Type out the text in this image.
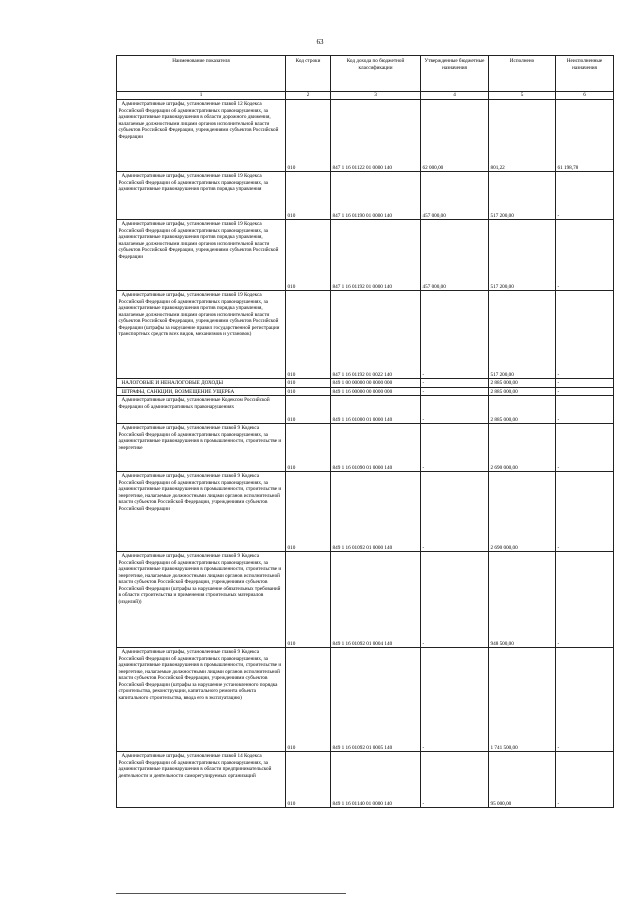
63
Наименование показателя	Код строки	Код дохода по бюджетной классификации	Утвержденные бюджетные назначения	Исполнено	Неисполненные назначения
1	2	3	4	5	6

Административные штрафы, установленные главой 12 Кодекса Российской Федерации об административных правонарушениях, за административные правонарушения в области дорожного движения, налагаемые должностными лицами органов исполнительной власти субъектов Российской Федерации, учреждениями субъектов Российской Федерации	010	847 1 16 01122 01 0000 140	62 000,00	801,22	61 198,78

Административные штрафы, установленные главой 19 Кодекса Российской Федерации об административных правонарушениях, за административные правонарушения против порядка управления	010	847 1 16 01190 01 0000 140	457 000,00	517 200,00	-

Административные штрафы, установленные главой 19 Кодекса Российской Федерации об административных правонарушениях, за административные правонарушения против порядка управления, налагаемые должностными лицами органов исполнительной власти субъектов Российской Федерации, учреждениями субъектов Российской Федерации	010	847 1 16 01192 01 0000 140	457 000,00	517 200,00	-

Административные штрафы, установленные главой 19 Кодекса Российской Федерации об административных правонарушениях, за административные правонарушения против порядка управления, налагаемые должностными лицами органов исполнительной власти субъектов Российской Федерации, учреждениями субъектов Российской Федерации (штрафы за нарушение правил государственной регистрации транспортных средств всех видов, механизмов и установок)	010	847 1 16 01192 01 0022 140	-	517 200,00	-

НАЛОГОВЫЕ И НЕНАЛОГОВЫЕ ДОХОДЫ	010	849 1 00 00000 00 0000 000	-	2 885 000,00	-

ШТРАФЫ, САНКЦИИ, ВОЗМЕЩЕНИЕ УЩЕРБА	010	849 1 16 00000 00 0000 000	-	2 885 000,00	-

Административные штрафы, установленные Кодексом Российской Федерации об административных правонарушениях	010	849 1 16 01000 01 0000 140	-	2 885 000,00	-

Административные штрафы, установленные главой 9 Кодекса Российской Федерации об административных правонарушениях, за административные правонарушения в промышленности, строительстве и энергетике	010	849 1 16 01090 01 0000 140	-	2 690 000,00	-

Административные штрафы, установленные главой 9 Кодекса Российской Федерации об административных правонарушениях, за административные правонарушения в промышленности, строительстве и энергетике, налагаемые должностными лицами органов исполнительной власти субъектов Российской Федерации, учреждениями субъектов Российской Федерации	010	849 1 16 01092 01 0000 140	-	2 690 000,00	-

Административные штрафы, установленные главой 9 Кодекса Российской Федерации об административных правонарушениях, за административные правонарушения в промышленности, строительстве и энергетике, налагаемые должностными лицами органов исполнительной власти субъектов Российской Федерации, учреждениями субъектов Российской Федерации (штрафы за нарушение обязательных требований в области строительства и применения строительных материалов (изделий))	010	849 1 16 01092 01 0004 140	-	948 500,00	-

Административные штрафы, установленные главой 9 Кодекса Российской Федерации об административных правонарушениях, за административные правонарушения в промышленности, строительстве и энергетике, налагаемые должностными лицами органов исполнительной власти субъектов Российской Федерации, учреждениями субъектов Российской Федерации (штрафы за нарушение установленного порядка строительства, реконструкции, капитального ремонта объекта капитального строительства, ввода его в эксплуатацию)	010	849 1 16 01092 01 0005 140	-	1 741 500,00	-

Административные штрафы, установленные главой 14 Кодекса Российской Федерации об административных правонарушениях, за административные правонарушения в области предпринимательской деятельности и деятельности саморегулируемых организаций	010	849 1 16 01140 01 0000 140	-	95 000,00	-
